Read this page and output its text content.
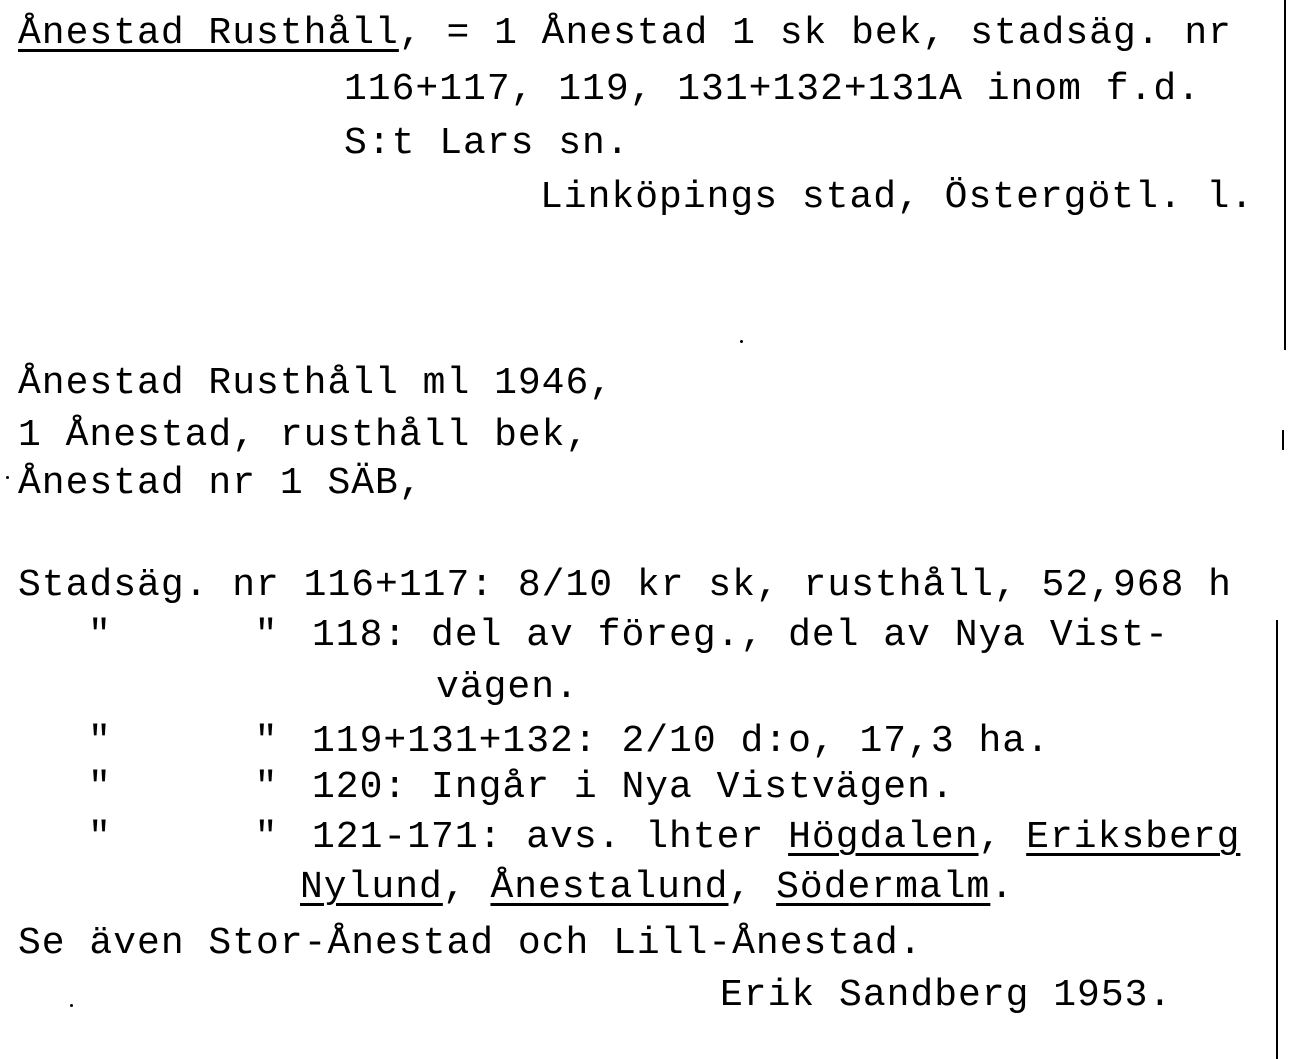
Ånestad Rusthåll, = 1 Ånestad 1 sk bek, stadsäg. nr
116+117, 119, 131+132+131A inom f.d.
S:t Lars sn.
Linköpings stad, Östergötl. l.
Ånestad Rusthåll ml 1946,
1 Ånestad, rusthåll bek,
Ånestad nr 1 SÄB,
Stadsäg. nr 116+117: 8/10 kr sk, rusthåll, 52,968 h
"      " 118: del av föreg., del av Nya Vist-
vägen.
"      " 119+131+132: 2/10 d:o, 17,3 ha.
"      " 120: Ingår i Nya Vistvägen.
"      " 121-171: avs. lhter Högdalen, Eriksberg
Nylund, Ånestalund, Södermalm.
Se även Stor-Ånestad och Lill-Ånestad.
Erik Sandberg 1953.
